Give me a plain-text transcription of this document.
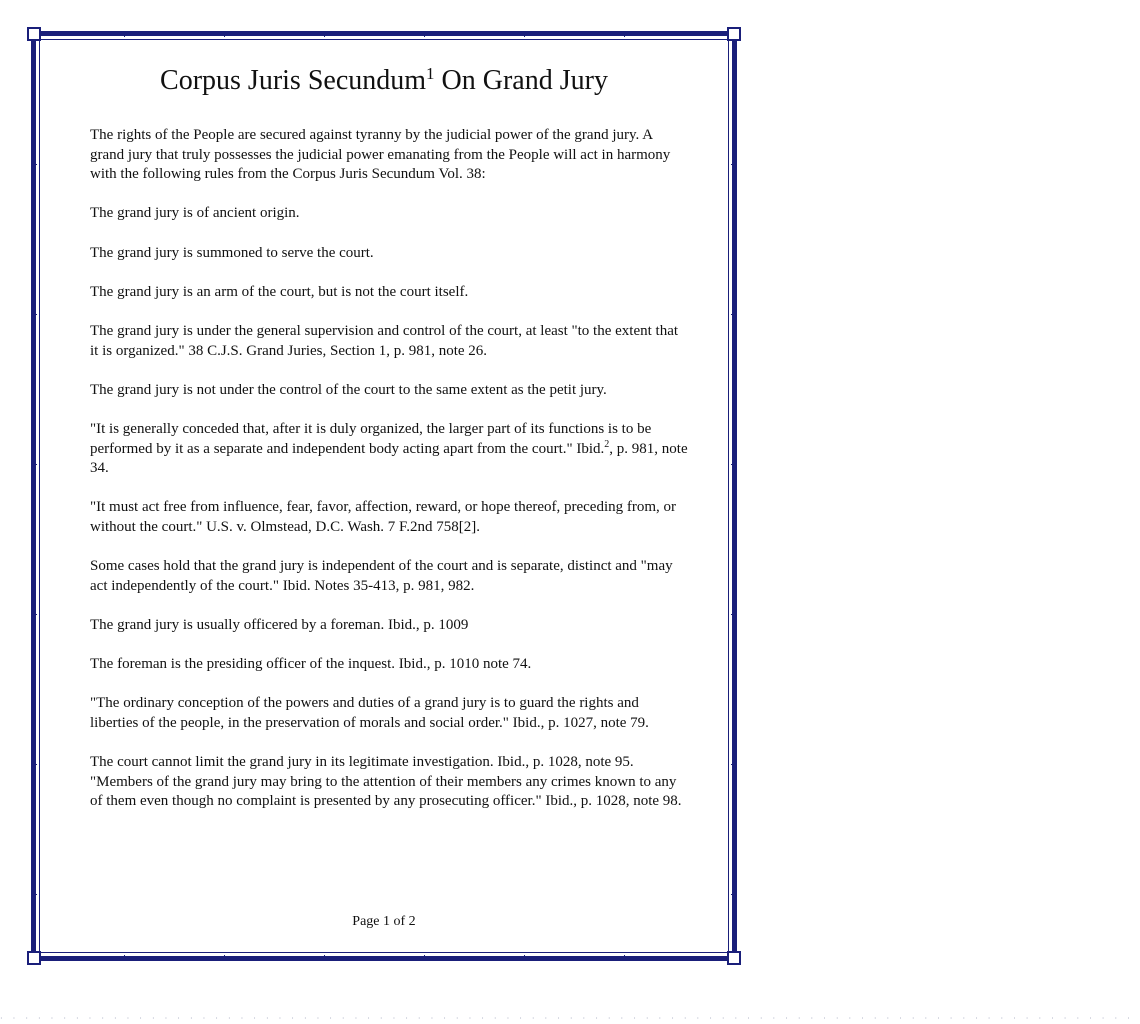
Corpus Juris Secundum$^1$ On Grand Jury

The rights of the People are secured against tyranny by the judicial power of the grand jury. A grand jury that truly possesses the judicial power emanating from the People will act in harmony with the following rules from the Corpus Juris Secundum Vol. 38:

The grand jury is of ancient origin.

The grand jury is summoned to serve the court.

The grand jury is an arm of the court, but is not the court itself.

The grand jury is under the general supervision and control of the court, at least "to the extent that it is organized." 38 C.J.S. Grand Juries, Section 1, p. 981, note 26.

The grand jury is not under the control of the court to the same extent as the petit jury.

"It is generally conceded that, after it is duly organized, the larger part of its functions is to be performed by it as a separate and independent body acting apart from the court." Ibid.$^2$, p. 981, note 34.

"It must act free from influence, fear, favor, affection, reward, or hope thereof, preceding from, or without the court." U.S. v. Olmstead, D.C. Wash. 7 F.2nd 758[2].

Some cases hold that the grand jury is independent of the court and is separate, distinct and "may act independently of the court." Ibid. Notes 35-413, p. 981, 982.

The grand jury is usually officered by a foreman. Ibid., p. 1009

The foreman is the presiding officer of the inquest. Ibid., p. 1010 note 74.

"The ordinary conception of the powers and duties of a grand jury is to guard the rights and liberties of the people, in the preservation of morals and social order." Ibid., p. 1027, note 79.

The court cannot limit the grand jury in its legitimate investigation. Ibid., p. 1028, note 95.

"Members of the grand jury may bring to the attention of their members any crimes known to any of them even though no complaint is presented by any prosecuting officer." Ibid., p. 1028, note 98.

Page 1 of 2
··························································································
